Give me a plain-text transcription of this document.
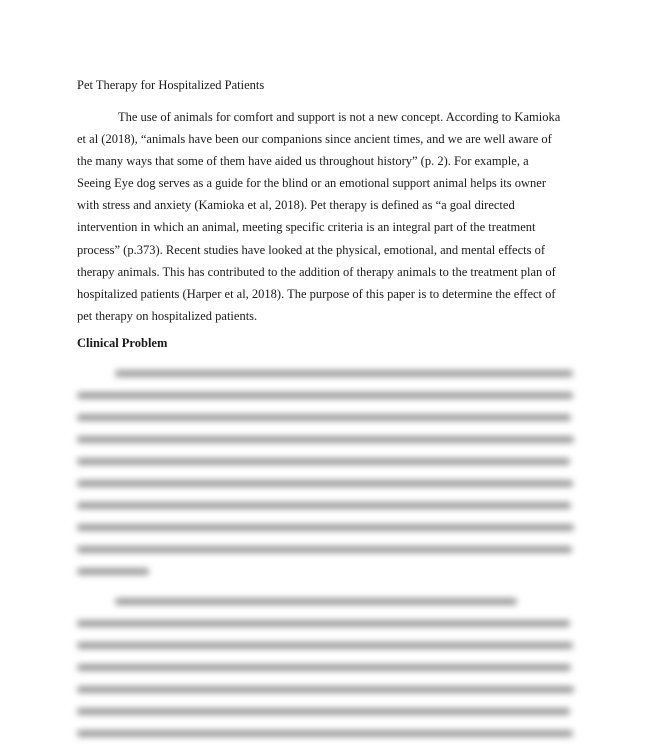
Pet Therapy for Hospitalized Patients
The use of animals for comfort and support is not a new concept. According to Kamioka
et al (2018), “animals have been our companions since ancient times, and we are well aware of
the many ways that some of them have aided us throughout history” (p. 2). For example, a
Seeing Eye dog serves as a guide for the blind or an emotional support animal helps its owner
with stress and anxiety (Kamioka et al, 2018). Pet therapy is defined as “a goal directed
intervention in which an animal, meeting specific criteria is an integral part of the treatment
process” (p.373). Recent studies have looked at the physical, emotional, and mental effects of
therapy animals. This has contributed to the addition of therapy animals to the treatment plan of
hospitalized patients (Harper et al, 2018). The purpose of this paper is to determine the effect of
pet therapy on hospitalized patients.
Clinical Problem
